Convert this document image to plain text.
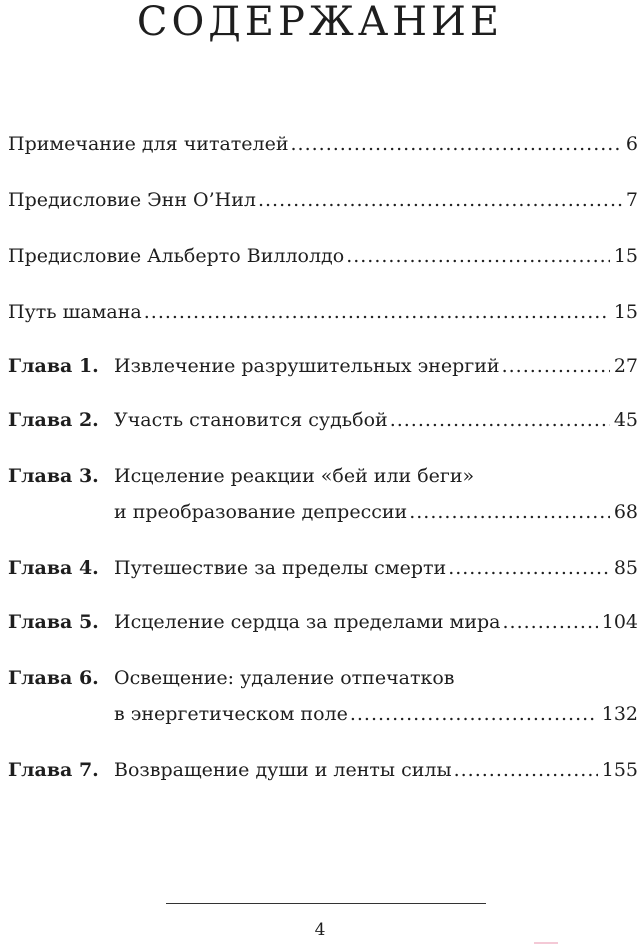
СОДЕРЖАНИЕ
Примечание для читателей .....	6
Предисловие Энн О’Нил .....	7
Предисловие Альберто Виллолдо .....	15
Путь шамана .....	15
Глава 1. Извлечение разрушительных энергий .....	27
Глава 2. Участь становится судьбой .....	45
Глава 3. Исцеление реакции «бей или беги»
и преобразование депрессии .....	68
Глава 4. Путешествие за пределы смерти .....	85
Глава 5. Исцеление сердца за пределами мира .....	104
Глава 6. Освещение: удаление отпечатков
в энергетическом поле .....	132
Глава 7. Возвращение души и ленты силы .....	155
4
